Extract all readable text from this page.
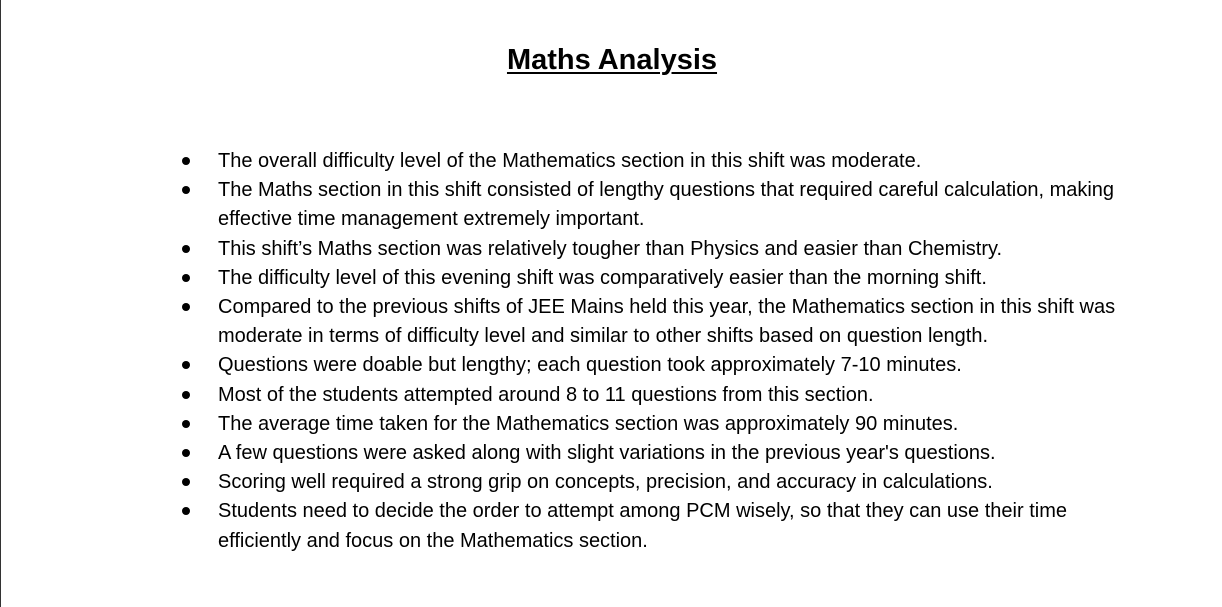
Maths Analysis
The overall difficulty level of the Mathematics section in this shift was moderate.
The Maths section in this shift consisted of lengthy questions that required careful calculation, making effective time management extremely important.
This shift’s Maths section was relatively tougher than Physics and easier than Chemistry.
The difficulty level of this evening shift was comparatively easier than the morning shift.
Compared to the previous shifts of JEE Mains held this year, the Mathematics section in this shift was moderate in terms of difficulty level and similar to other shifts based on question length.
Questions were doable but lengthy; each question took approximately 7-10 minutes.
Most of the students attempted around 8 to 11 questions from this section.
The average time taken for the Mathematics section was approximately 90 minutes.
A few questions were asked along with slight variations in the previous year's questions.
Scoring well required a strong grip on concepts, precision, and accuracy in calculations.
Students need to decide the order to attempt among PCM wisely, so that they can use their time efficiently and focus on the Mathematics section.
